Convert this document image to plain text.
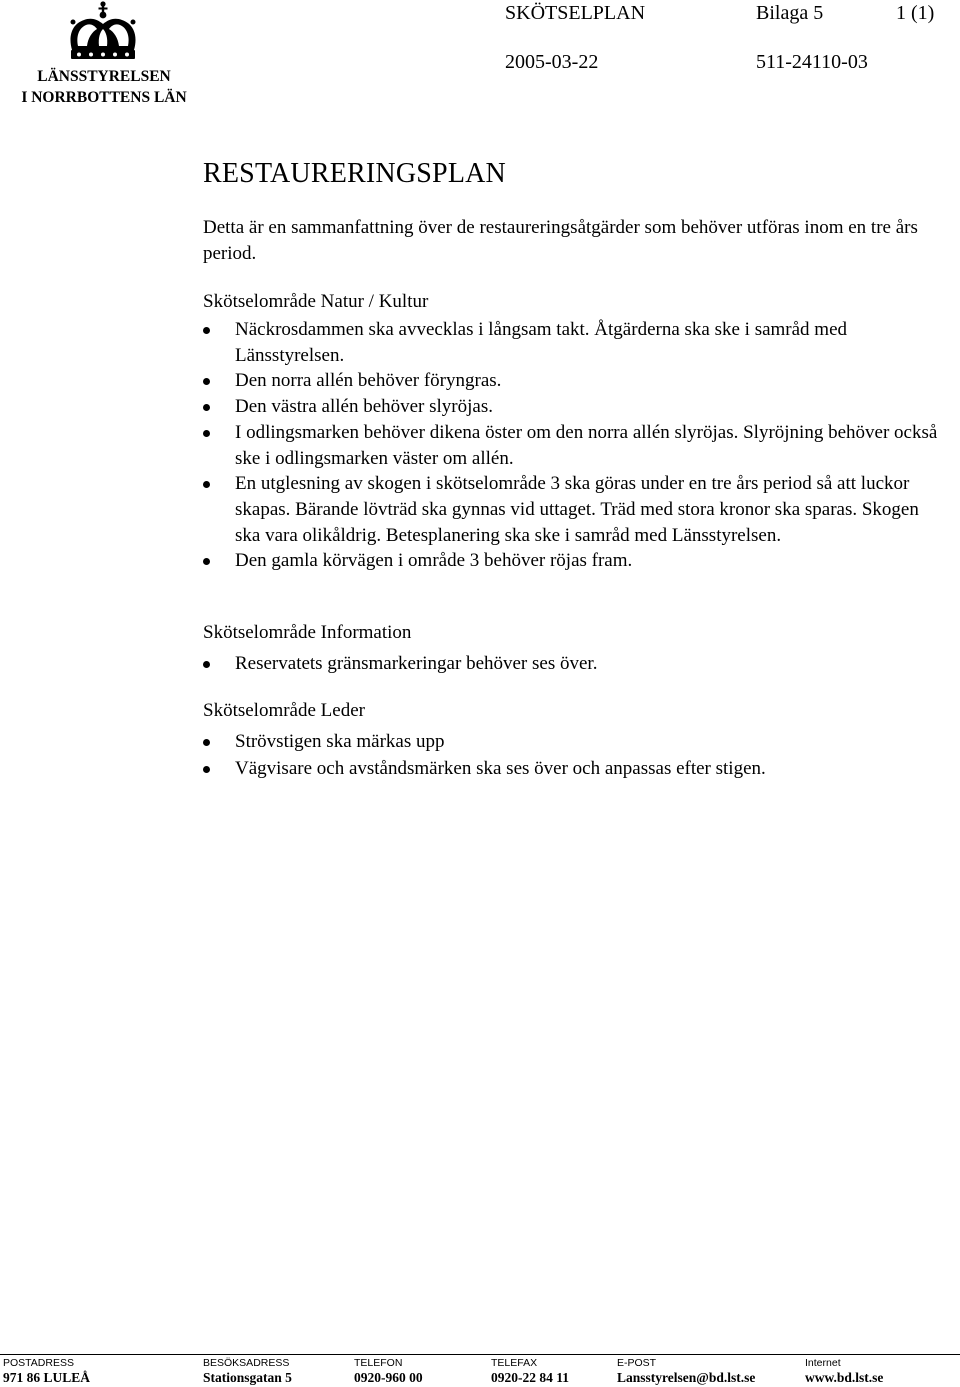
LÄNSSTYRELSEN
I NORRBOTTENS LÄN
SKÖTSELPLAN	Bilaga 5	1 (1)
2005-03-22	511-24110-03
RESTAURERINGSPLAN

Detta är en sammanfattning över de restaureringsåtgärder som behöver utföras inom en tre års period.

Skötselområde Natur / Kultur
Näckrosdammen ska avvecklas i långsam takt. Åtgärderna ska ske i samråd med Länsstyrelsen.
Den norra allén behöver föryngras.
Den västra allén behöver slyröjas.
I odlingsmarken behöver dikena öster om den norra allén slyröjas. Slyröjning behöver också ske i odlingsmarken väster om allén.
En utglesning av skogen i skötselområde 3 ska göras under en tre års period så att luckor skapas. Bärande lövträd ska gynnas vid uttaget. Träd med stora kronor ska sparas. Skogen ska vara olikåldrig. Betesplanering ska ske i samråd med Länsstyrelsen.
Den gamla körvägen i område 3 behöver röjas fram.
Skötselområde Information
Reservatets gränsmarkeringar behöver ses över.
Skötselområde Leder
Strövstigen ska märkas upp
Vägvisare och avståndsmärken ska ses över och anpassas efter stigen.
POSTADRESS	BESÖKSADRESS	TELEFON	TELEFAX	E-POST	Internet
971 86 LULEÅ	Stationsgatan 5	0920-960 00	0920-22 84 11	Lansstyrelsen@bd.lst.se	www.bd.lst.se
